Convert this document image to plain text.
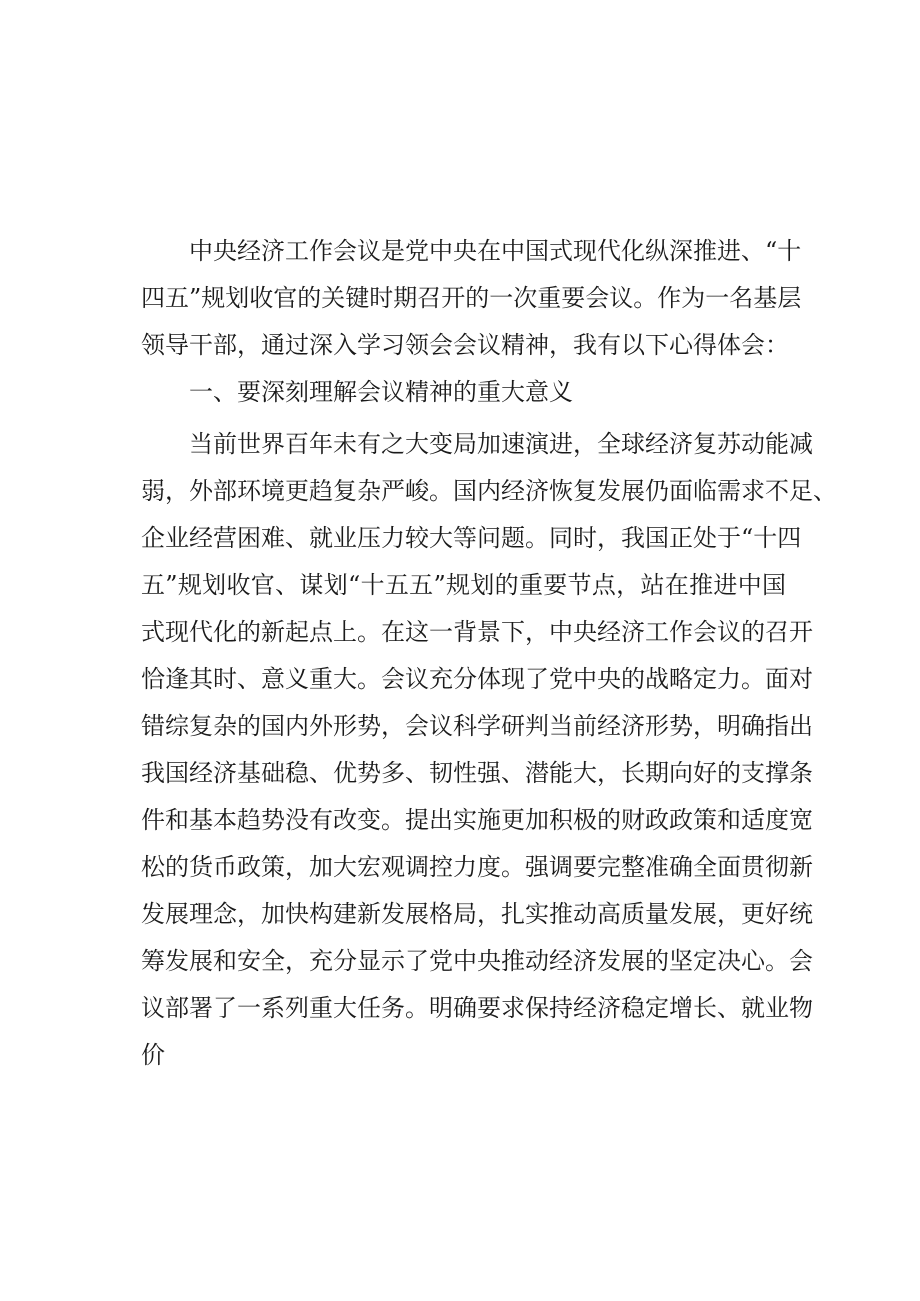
中央经济工作会议是党中央在中国式现代化纵深推进、“十
四五”规划收官的关键时期召开的一次重要会议。作为一名基层
领导干部，通过深入学习领会会议精神，我有以下心得体会：
一、要深刻理解会议精神的重大意义
当前世界百年未有之大变局加速演进，全球经济复苏动能减
弱，外部环境更趋复杂严峻。国内经济恢复发展仍面临需求不足、
企业经营困难、就业压力较大等问题。同时，我国正处于“十四
五”规划收官、谋划“十五五”规划的重要节点，站在推进中国
式现代化的新起点上。在这一背景下，中央经济工作会议的召开
恰逢其时、意义重大。会议充分体现了党中央的战略定力。面对
错综复杂的国内外形势，会议科学研判当前经济形势，明确指出
我国经济基础稳、优势多、韧性强、潜能大，长期向好的支撑条
件和基本趋势没有改变。提出实施更加积极的财政政策和适度宽
松的货币政策，加大宏观调控力度。强调要完整准确全面贯彻新
发展理念，加快构建新发展格局，扎实推动高质量发展，更好统
筹发展和安全，充分显示了党中央推动经济发展的坚定决心。会
议部署了一系列重大任务。明确要求保持经济稳定增长、就业物
价
